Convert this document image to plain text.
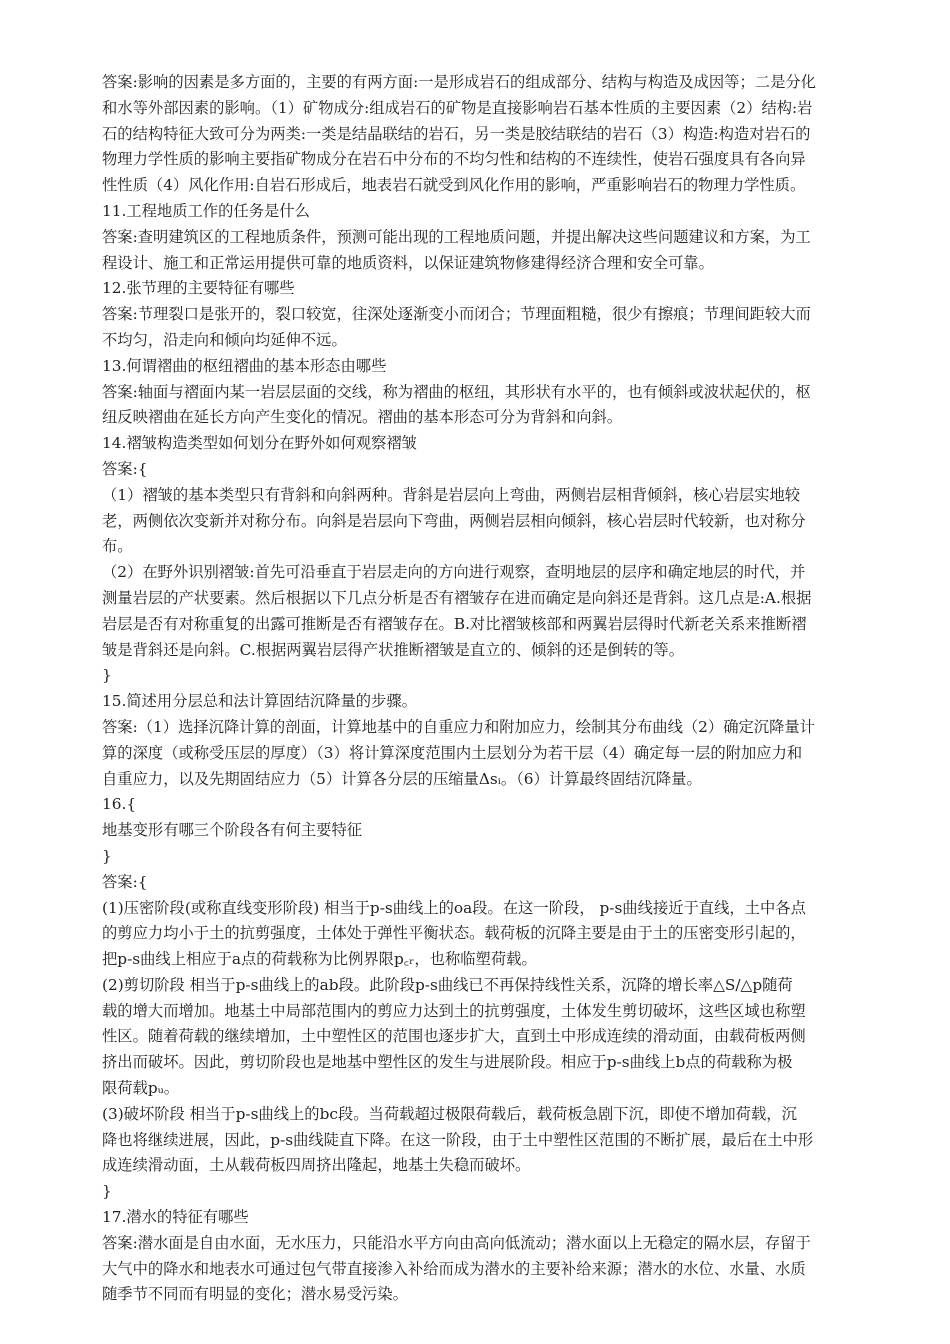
答案:影响的因素是多方面的，主要的有两方面:一是形成岩石的组成部分、结构与构造及成因等；二是分化
和水等外部因素的影响。（1）矿物成分:组成岩石的矿物是直接影响岩石基本性质的主要因素（2）结构:岩
石的结构特征大致可分为两类:一类是结晶联结的岩石，另一类是胶结联结的岩石（3）构造:构造对岩石的
物理力学性质的影响主要指矿物成分在岩石中分布的不均匀性和结构的不连续性，使岩石强度具有各向异
性性质（4）风化作用:自岩石形成后，地表岩石就受到风化作用的影响，严重影响岩石的物理力学性质。
11.工程地质工作的任务是什么
答案:查明建筑区的工程地质条件，预测可能出现的工程地质问题，并提出解决这些问题建议和方案，为工
程设计、施工和正常运用提供可靠的地质资料，以保证建筑物修建得经济合理和安全可靠。
12.张节理的主要特征有哪些
答案:节理裂口是张开的，裂口较宽，往深处逐渐变小而闭合；节理面粗糙，很少有擦痕；节理间距较大而
不均匀，沿走向和倾向均延伸不远。
13.何谓褶曲的枢纽褶曲的基本形态由哪些
答案:轴面与褶面内某一岩层层面的交线，称为褶曲的枢纽，其形状有水平的，也有倾斜或波状起伏的，枢
纽反映褶曲在延长方向产生变化的情况。褶曲的基本形态可分为背斜和向斜。
14.褶皱构造类型如何划分在野外如何观察褶皱
答案:{
（1）褶皱的基本类型只有背斜和向斜两种。背斜是岩层向上弯曲，两侧岩层相背倾斜，核心岩层实地较
老，两侧依次变新并对称分布。向斜是岩层向下弯曲，两侧岩层相向倾斜，核心岩层时代较新，也对称分
布。
（2）在野外识别褶皱:首先可沿垂直于岩层走向的方向进行观察，查明地层的层序和确定地层的时代，并
测量岩层的产状要素。然后根据以下几点分析是否有褶皱存在进而确定是向斜还是背斜。这几点是:A.根据
岩层是否有对称重复的出露可推断是否有褶皱存在。B.对比褶皱核部和两翼岩层得时代新老关系来推断褶
皱是背斜还是向斜。C.根据两翼岩层得产状推断褶皱是直立的、倾斜的还是倒转的等。
}
15.简述用分层总和法计算固结沉降量的步骤。
答案:（1）选择沉降计算的剖面，计算地基中的自重应力和附加应力，绘制其分布曲线（2）确定沉降量计
算的深度（或称受压层的厚度）（3）将计算深度范围内土层划分为若干层（4）确定每一层的附加应力和
自重应力，以及先期固结应力（5）计算各分层的压缩量Δsᵢ。（6）计算最终固结沉降量。
16.{
地基变形有哪三个阶段各有何主要特征
}
答案:{
(1)压密阶段(或称直线变形阶段) 相当于p-s曲线上的oa段。在这一阶段， p-s曲线接近于直线，土中各点
的剪应力均小于土的抗剪强度，土体处于弹性平衡状态。载荷板的沉降主要是由于土的压密变形引起的，
把p-s曲线上相应于a点的荷载称为比例界限p꜀ᵣ，也称临塑荷载。
(2)剪切阶段 相当于p-s曲线上的ab段。此阶段p-s曲线已不再保持线性关系，沉降的增长率△S/△p随荷
载的增大而增加。地基土中局部范围内的剪应力达到土的抗剪强度，土体发生剪切破坏，这些区域也称塑
性区。随着荷载的继续增加，土中塑性区的范围也逐步扩大，直到土中形成连续的滑动面，由载荷板两侧
挤出而破坏。因此，剪切阶段也是地基中塑性区的发生与进展阶段。相应于p-s曲线上b点的荷载称为极
限荷载pᵤ。
(3)破坏阶段 相当于p-s曲线上的bc段。当荷载超过极限荷载后，载荷板急剧下沉，即使不增加荷载，沉
降也将继续进展，因此，p-s曲线陡直下降。在这一阶段，由于土中塑性区范围的不断扩展，最后在土中形
成连续滑动面，土从载荷板四周挤出隆起，地基土失稳而破坏。
}
17.潜水的特征有哪些
答案:潜水面是自由水面，无水压力，只能沿水平方向由高向低流动；潜水面以上无稳定的隔水层，存留于
大气中的降水和地表水可通过包气带直接渗入补给而成为潜水的主要补给来源；潜水的水位、水量、水质
随季节不同而有明显的变化；潜水易受污染。
